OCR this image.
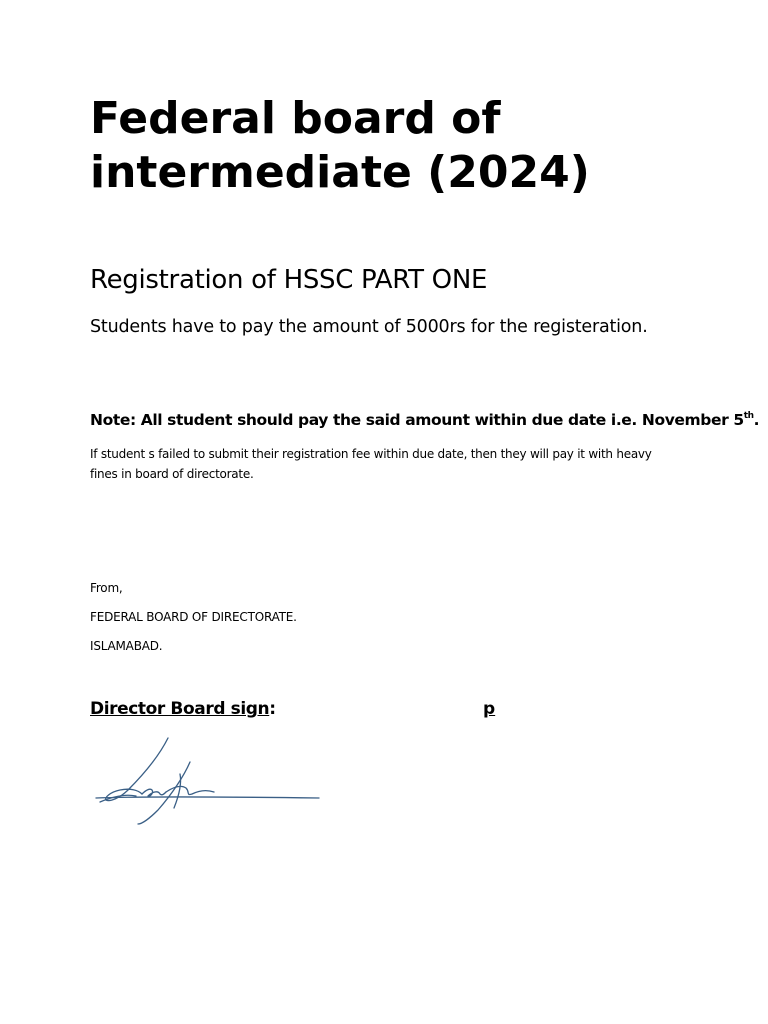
Federal board of intermediate (2024)
Registration of HSSC PART ONE

Students have to pay the amount of 5000rs for the registeration.

Note: All student should pay the said amount within due date i.e. November 5th.

If student s failed to submit their registration fee within due date, then they will pay it with heavy fines in board of directorate.

From,
FEDERAL BOARD OF DIRECTORATE.
ISLAMABAD.
Director Board sign:	p
